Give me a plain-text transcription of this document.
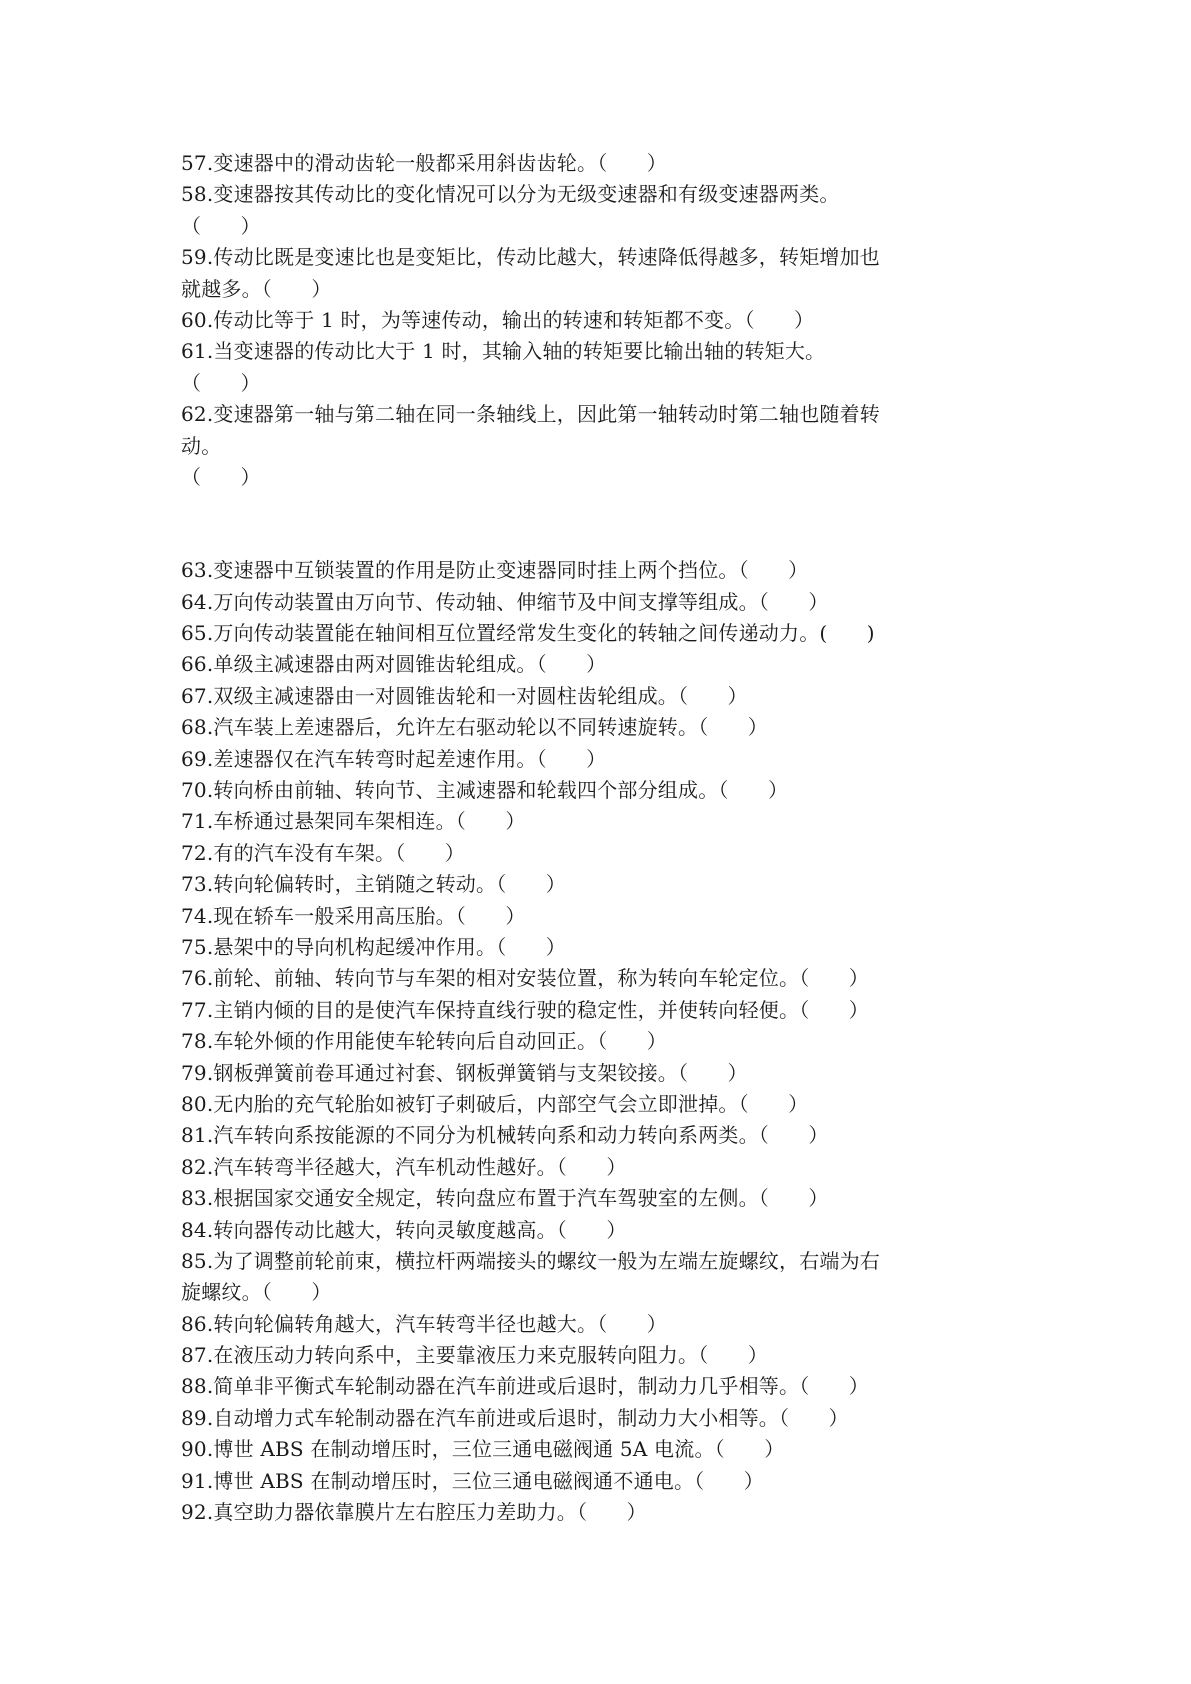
57.变速器中的滑动齿轮一般都采用斜齿齿轮。（      ）
58.变速器按其传动比的变化情况可以分为无级变速器和有级变速器两类。
（      ）
59.传动比既是变速比也是变矩比，传动比越大，转速降低得越多，转矩增加也
就越多。（      ）
60.传动比等于 1 时，为等速传动，输出的转速和转矩都不变。（      ）
61.当变速器的传动比大于 1 时，其输入轴的转矩要比输出轴的转矩大。
（      ）
62.变速器第一轴与第二轴在同一条轴线上，因此第一轴转动时第二轴也随着转
动。
（      ）
63.变速器中互锁装置的作用是防止变速器同时挂上两个挡位。（      ）
64.万向传动装置由万向节、传动轴、伸缩节及中间支撑等组成。（      ）
65.万向传动装置能在轴间相互位置经常发生变化的转轴之间传递动力。(      )
66.单级主减速器由两对圆锥齿轮组成。（      ）
67.双级主减速器由一对圆锥齿轮和一对圆柱齿轮组成。（      ）
68.汽车装上差速器后，允许左右驱动轮以不同转速旋转。（      ）
69.差速器仅在汽车转弯时起差速作用。（      ）
70.转向桥由前轴、转向节、主减速器和轮载四个部分组成。（      ）
71.车桥通过悬架同车架相连。（      ）
72.有的汽车没有车架。（      ）
73.转向轮偏转时，主销随之转动。（      ）
74.现在轿车一般采用高压胎。（      ）
75.悬架中的导向机构起缓冲作用。（      ）
76.前轮、前轴、转向节与车架的相对安装位置，称为转向车轮定位。（      ）
77.主销内倾的目的是使汽车保持直线行驶的稳定性，并使转向轻便。（      ）
78.车轮外倾的作用能使车轮转向后自动回正。（      ）
79.钢板弹簧前卷耳通过衬套、钢板弹簧销与支架铰接。（      ）
80.无内胎的充气轮胎如被钉子刺破后，内部空气会立即泄掉。（      ）
81.汽车转向系按能源的不同分为机械转向系和动力转向系两类。（      ）
82.汽车转弯半径越大，汽车机动性越好。（      ）
83.根据国家交通安全规定，转向盘应布置于汽车驾驶室的左侧。（      ）
84.转向器传动比越大，转向灵敏度越高。（      ）
85.为了调整前轮前束，横拉杆两端接头的螺纹一般为左端左旋螺纹，右端为右
旋螺纹。（      ）
86.转向轮偏转角越大，汽车转弯半径也越大。（      ）
87.在液压动力转向系中，主要靠液压力来克服转向阻力。（      ）
88.简单非平衡式车轮制动器在汽车前进或后退时，制动力几乎相等。（      ）
89.自动增力式车轮制动器在汽车前进或后退时，制动力大小相等。（      ）
90.博世 ABS 在制动增压时，三位三通电磁阀通 5A 电流。（      ）
91.博世 ABS 在制动增压时，三位三通电磁阀通不通电。（      ）
92.真空助力器依靠膜片左右腔压力差助力。（      ）
